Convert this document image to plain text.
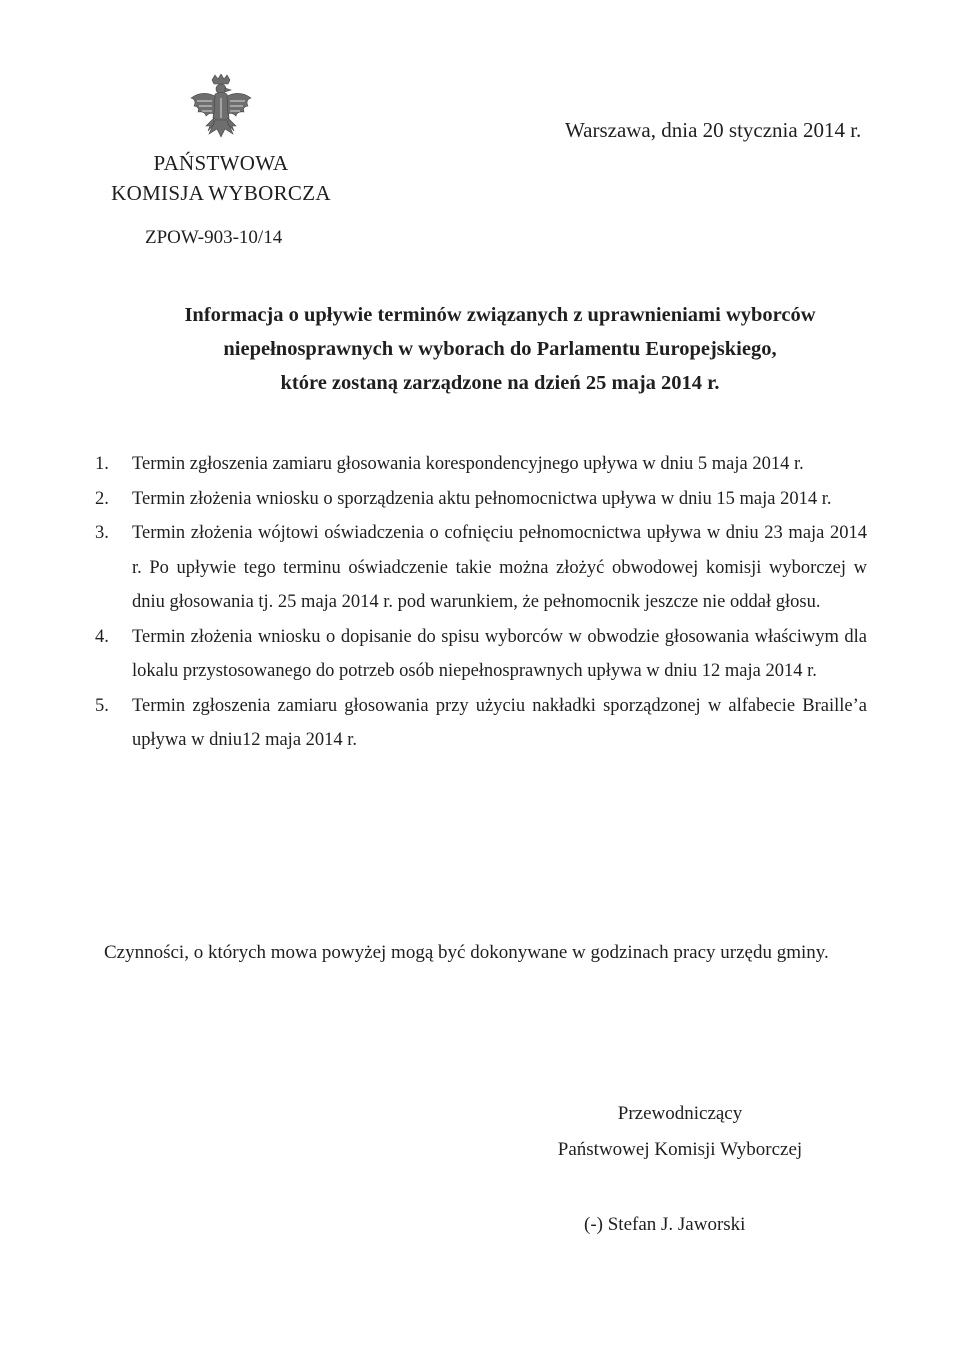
PAŃSTWOWA
KOMISJA WYBORCZA
Warszawa, dnia 20 stycznia 2014 r.
ZPOW-903-10/14
Informacja o upływie terminów związanych z uprawnieniami wyborców
niepełnosprawnych w wyborach do Parlamentu Europejskiego,
które zostaną zarządzone na dzień 25 maja 2014 r.
1.	Termin zgłoszenia zamiaru głosowania korespondencyjnego upływa w dniu 5 maja 2014 r.
2.	Termin złożenia wniosku o sporządzenia aktu pełnomocnictwa upływa w dniu 15 maja 2014 r.
3.	Termin złożenia wójtowi oświadczenia o cofnięciu pełnomocnictwa upływa w dniu 23 maja 2014 r. Po upływie tego terminu oświadczenie takie można złożyć obwodowej komisji wyborczej w dniu głosowania tj. 25 maja 2014 r. pod warunkiem, że pełnomocnik jeszcze nie oddał głosu.
4.	Termin złożenia wniosku o dopisanie do spisu wyborców w obwodzie głosowania właściwym dla lokalu przystosowanego do potrzeb osób niepełnosprawnych upływa w dniu 12 maja 2014 r.
5.	Termin zgłoszenia zamiaru głosowania przy użyciu nakładki sporządzonej w alfabecie Braille’a upływa w dniu12 maja 2014 r.
Czynności, o których mowa powyżej mogą być dokonywane w godzinach pracy urzędu gminy.
Przewodniczący
Państwowej Komisji Wyborczej
(-) Stefan J. Jaworski
